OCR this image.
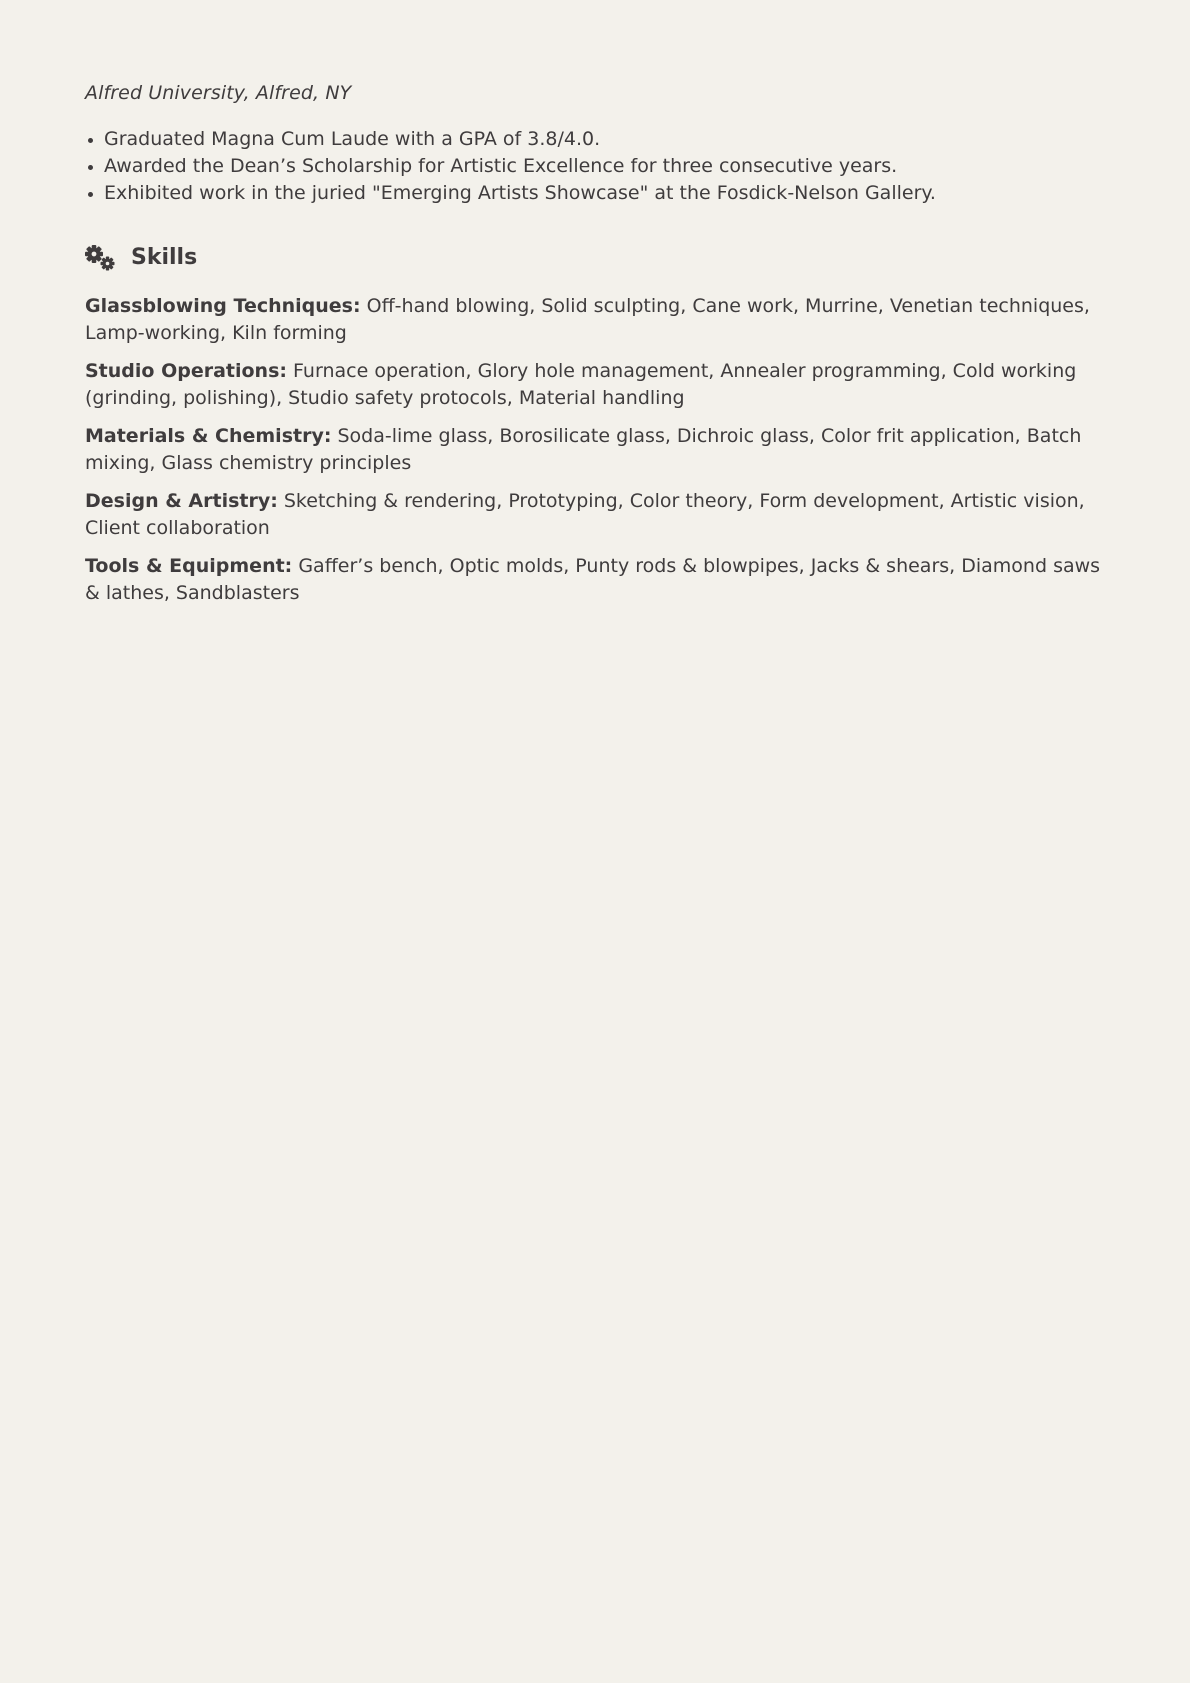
Alfred University, Alfred, NY

Graduated Magna Cum Laude with a GPA of 3.8/4.0.
Awarded the Dean’s Scholarship for Artistic Excellence for three consecutive years.
Exhibited work in the juried "Emerging Artists Showcase" at the Fosdick-Nelson Gallery.
Skills

Glassblowing Techniques: Off-hand blowing, Solid sculpting, Cane work, Murrine, Venetian techniques, Lamp-working, Kiln forming

Studio Operations: Furnace operation, Glory hole management, Annealer programming, Cold working (grinding, polishing), Studio safety protocols, Material handling

Materials & Chemistry: Soda-lime glass, Borosilicate glass, Dichroic glass, Color frit application, Batch mixing, Glass chemistry principles

Design & Artistry: Sketching & rendering, Prototyping, Color theory, Form development, Artistic vision, Client collaboration

Tools & Equipment: Gaffer’s bench, Optic molds, Punty rods & blowpipes, Jacks & shears, Diamond saws & lathes, Sandblasters
